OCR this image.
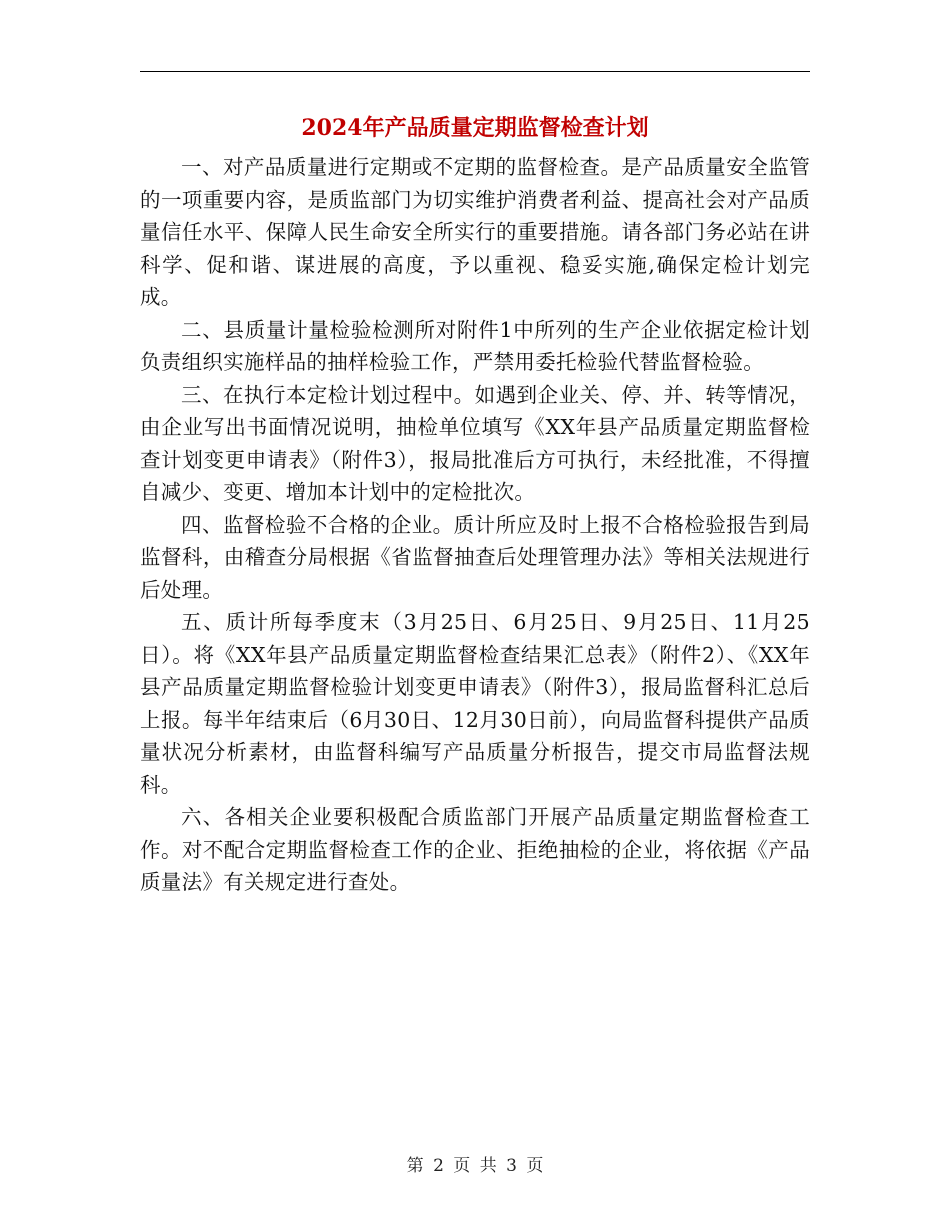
2024年产品质量定期监督检查计划

一、对产品质量进行定期或不定期的监督检查。是产品质量安全监管的一项重要内容，是质监部门为切实维护消费者利益、提高社会对产品质量信任水平、保障人民生命安全所实行的重要措施。请各部门务必站在讲科学、促和谐、谋进展的高度，予以重视、稳妥实施,确保定检计划完成。

二、县质量计量检验检测所对附件1中所列的生产企业依据定检计划负责组织实施样品的抽样检验工作，严禁用委托检验代替监督检验。

三、在执行本定检计划过程中。如遇到企业关、停、并、转等情况，由企业写出书面情况说明，抽检单位填写《XX年县产品质量定期监督检查计划变更申请表》（附件3），报局批准后方可执行，未经批准，不得擅自减少、变更、增加本计划中的定检批次。

四、监督检验不合格的企业。质计所应及时上报不合格检验报告到局监督科，由稽查分局根据《省监督抽查后处理管理办法》等相关法规进行后处理。

五、质计所每季度末（3月25日、6月25日、9月25日、11月25日）。将《XX年县产品质量定期监督检查结果汇总表》（附件2）、《XX年县产品质量定期监督检验计划变更申请表》（附件3），报局监督科汇总后上报。每半年结束后（6月30日、12月30日前），向局监督科提供产品质量状况分析素材，由监督科编写产品质量分析报告，提交市局监督法规科。

六、各相关企业要积极配合质监部门开展产品质量定期监督检查工作。对不配合定期监督检查工作的企业、拒绝抽检的企业，将依据《产品质量法》有关规定进行查处。

第 2 页 共 3 页
